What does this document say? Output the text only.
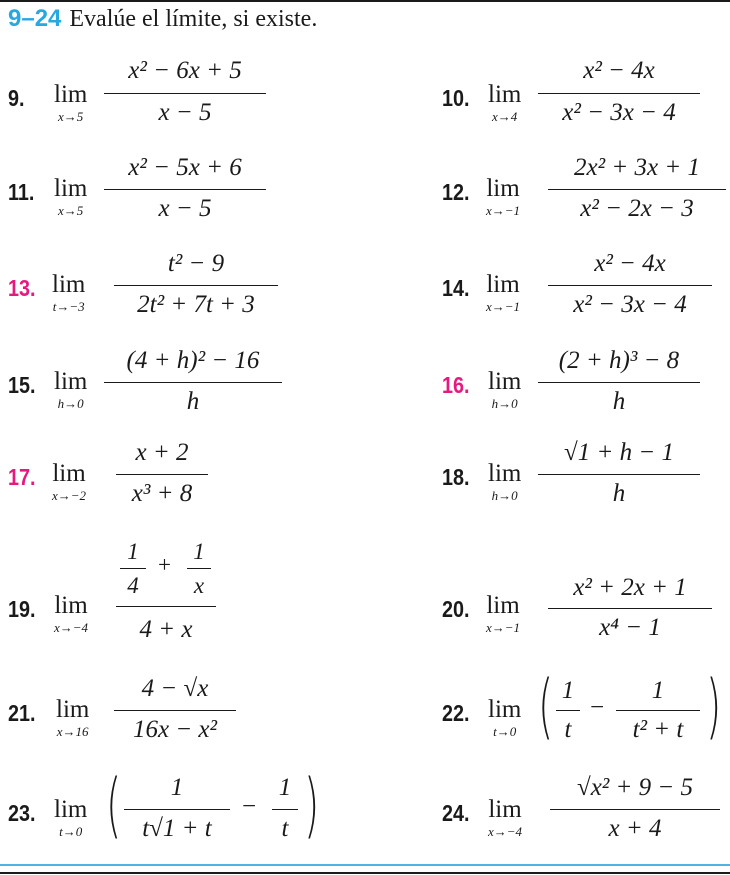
9–24 Evalúe el límite, si existe.
9. lim
x→5
x² − 6x + 5
x − 5
10. lim
x→4
x² − 4x
x² − 3x − 4
11. lim
x→5
x² − 5x + 6
x − 5
12. lim
x→−1
2x² + 3x + 1
x² − 2x − 3
13. lim
t→−3
t² − 9
2t² + 7t + 3
14. lim
x→−1
x² − 4x
x² − 3x − 4
15. lim
h→0
(4 + h)² − 16
h
16. lim
h→0
(2 + h)³ − 8
h
17. lim
x→−2
x + 2
x³ + 8
18. lim
h→0
√1 + h − 1
h
19. lim
x→−4
1
4
+
1
x
4 + x
20. lim
x→−1
x² + 2x + 1
x⁴ − 1
21. lim
x→16
4 − √x
16x − x²
22. lim
t→0 ( 1
t
−
1
t² + t )
23. lim
t→0 (	1
t√1 + t
−
1
t )	24. lim
x→−4
√x² + 9 − 5
x + 4
